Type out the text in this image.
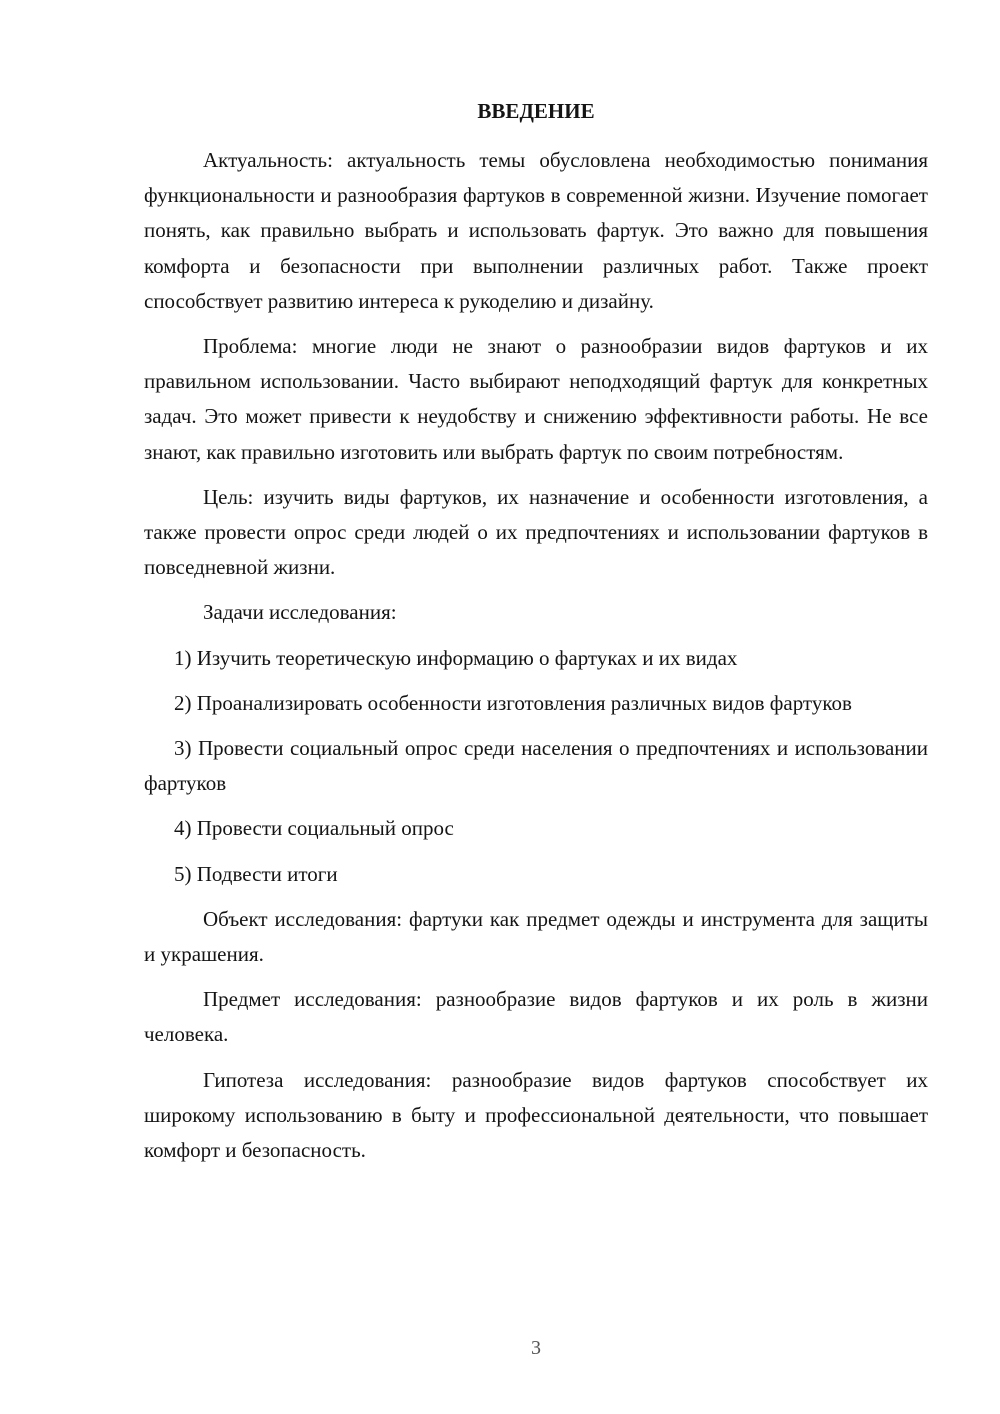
ВВЕДЕНИЕ

Актуальность: актуальность темы обусловлена необходимостью понимания функциональности и разнообразия фартуков в современной жизни. Изучение помогает понять, как правильно выбрать и использовать фартук. Это важно для повышения комфорта и безопасности при выполнении различных работ. Также проект способствует развитию интереса к рукоделию и дизайну.

Проблема: многие люди не знают о разнообразии видов фартуков и их правильном использовании. Часто выбирают неподходящий фартук для конкретных задач. Это может привести к неудобству и снижению эффективности работы. Не все знают, как правильно изготовить или выбрать фартук по своим потребностям.

Цель: изучить виды фартуков, их назначение и особенности изготовления, а также провести опрос среди людей о их предпочтениях и использовании фартуков в повседневной жизни.

Задачи исследования:

1) Изучить теоретическую информацию о фартуках и их видах

2) Проанализировать особенности изготовления различных видов фартуков

3) Провести социальный опрос среди населения о предпочтениях и использовании фартуков

4) Провести социальный опрос

5) Подвести итоги

Объект исследования: фартуки как предмет одежды и инструмента для защиты и украшения.

Предмет исследования: разнообразие видов фартуков и их роль в жизни человека.

Гипотеза исследования: разнообразие видов фартуков способствует их широкому использованию в быту и профессиональной деятельности, что повышает комфорт и безопасность.

3
